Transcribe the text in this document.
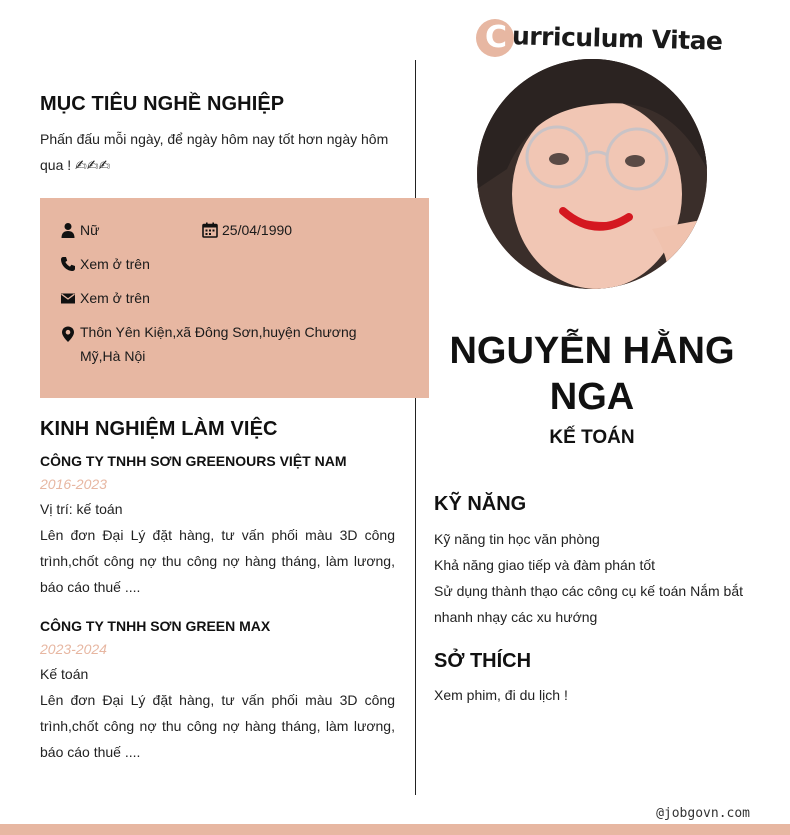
C urriculum Vitae
MỤC TIÊU NGHỀ NGHIỆP
Phấn đấu mỗi ngày, để ngày hôm nay tốt hơn ngày hôm qua ! ✍✍✍
Nữ	25/04/1990
Xem ở trên
Xem ở trên
Thôn Yên Kiện,xã Đông Sơn,huyện Chương Mỹ,Hà Nội
KINH NGHIỆM LÀM VIỆC
CÔNG TY TNHH SƠN GREENOURS VIỆT NAM
2016-2023
Vị trí: kế toán
Lên đơn Đại Lý đặt hàng, tư vấn phối màu 3D công trình,chốt công nợ thu công nợ hàng tháng, làm lương, báo cáo thuế ....
CÔNG TY TNHH SƠN GREEN MAX
2023-2024
Kế toán
Lên đơn Đại Lý đặt hàng, tư vấn phối màu 3D công trình,chốt công nợ thu công nợ hàng tháng, làm lương, báo cáo thuế ....
NGUYỄN HẰNG NGA
KẾ TOÁN
KỸ NĂNG
Kỹ năng tin học văn phòng
Khả năng giao tiếp và đàm phán tốt
Sử dụng thành thạo các công cụ kế toán Nắm bắt nhanh nhạy các xu hướng
SỞ THÍCH
Xem phim, đi du lịch !
@jobgovn.com
